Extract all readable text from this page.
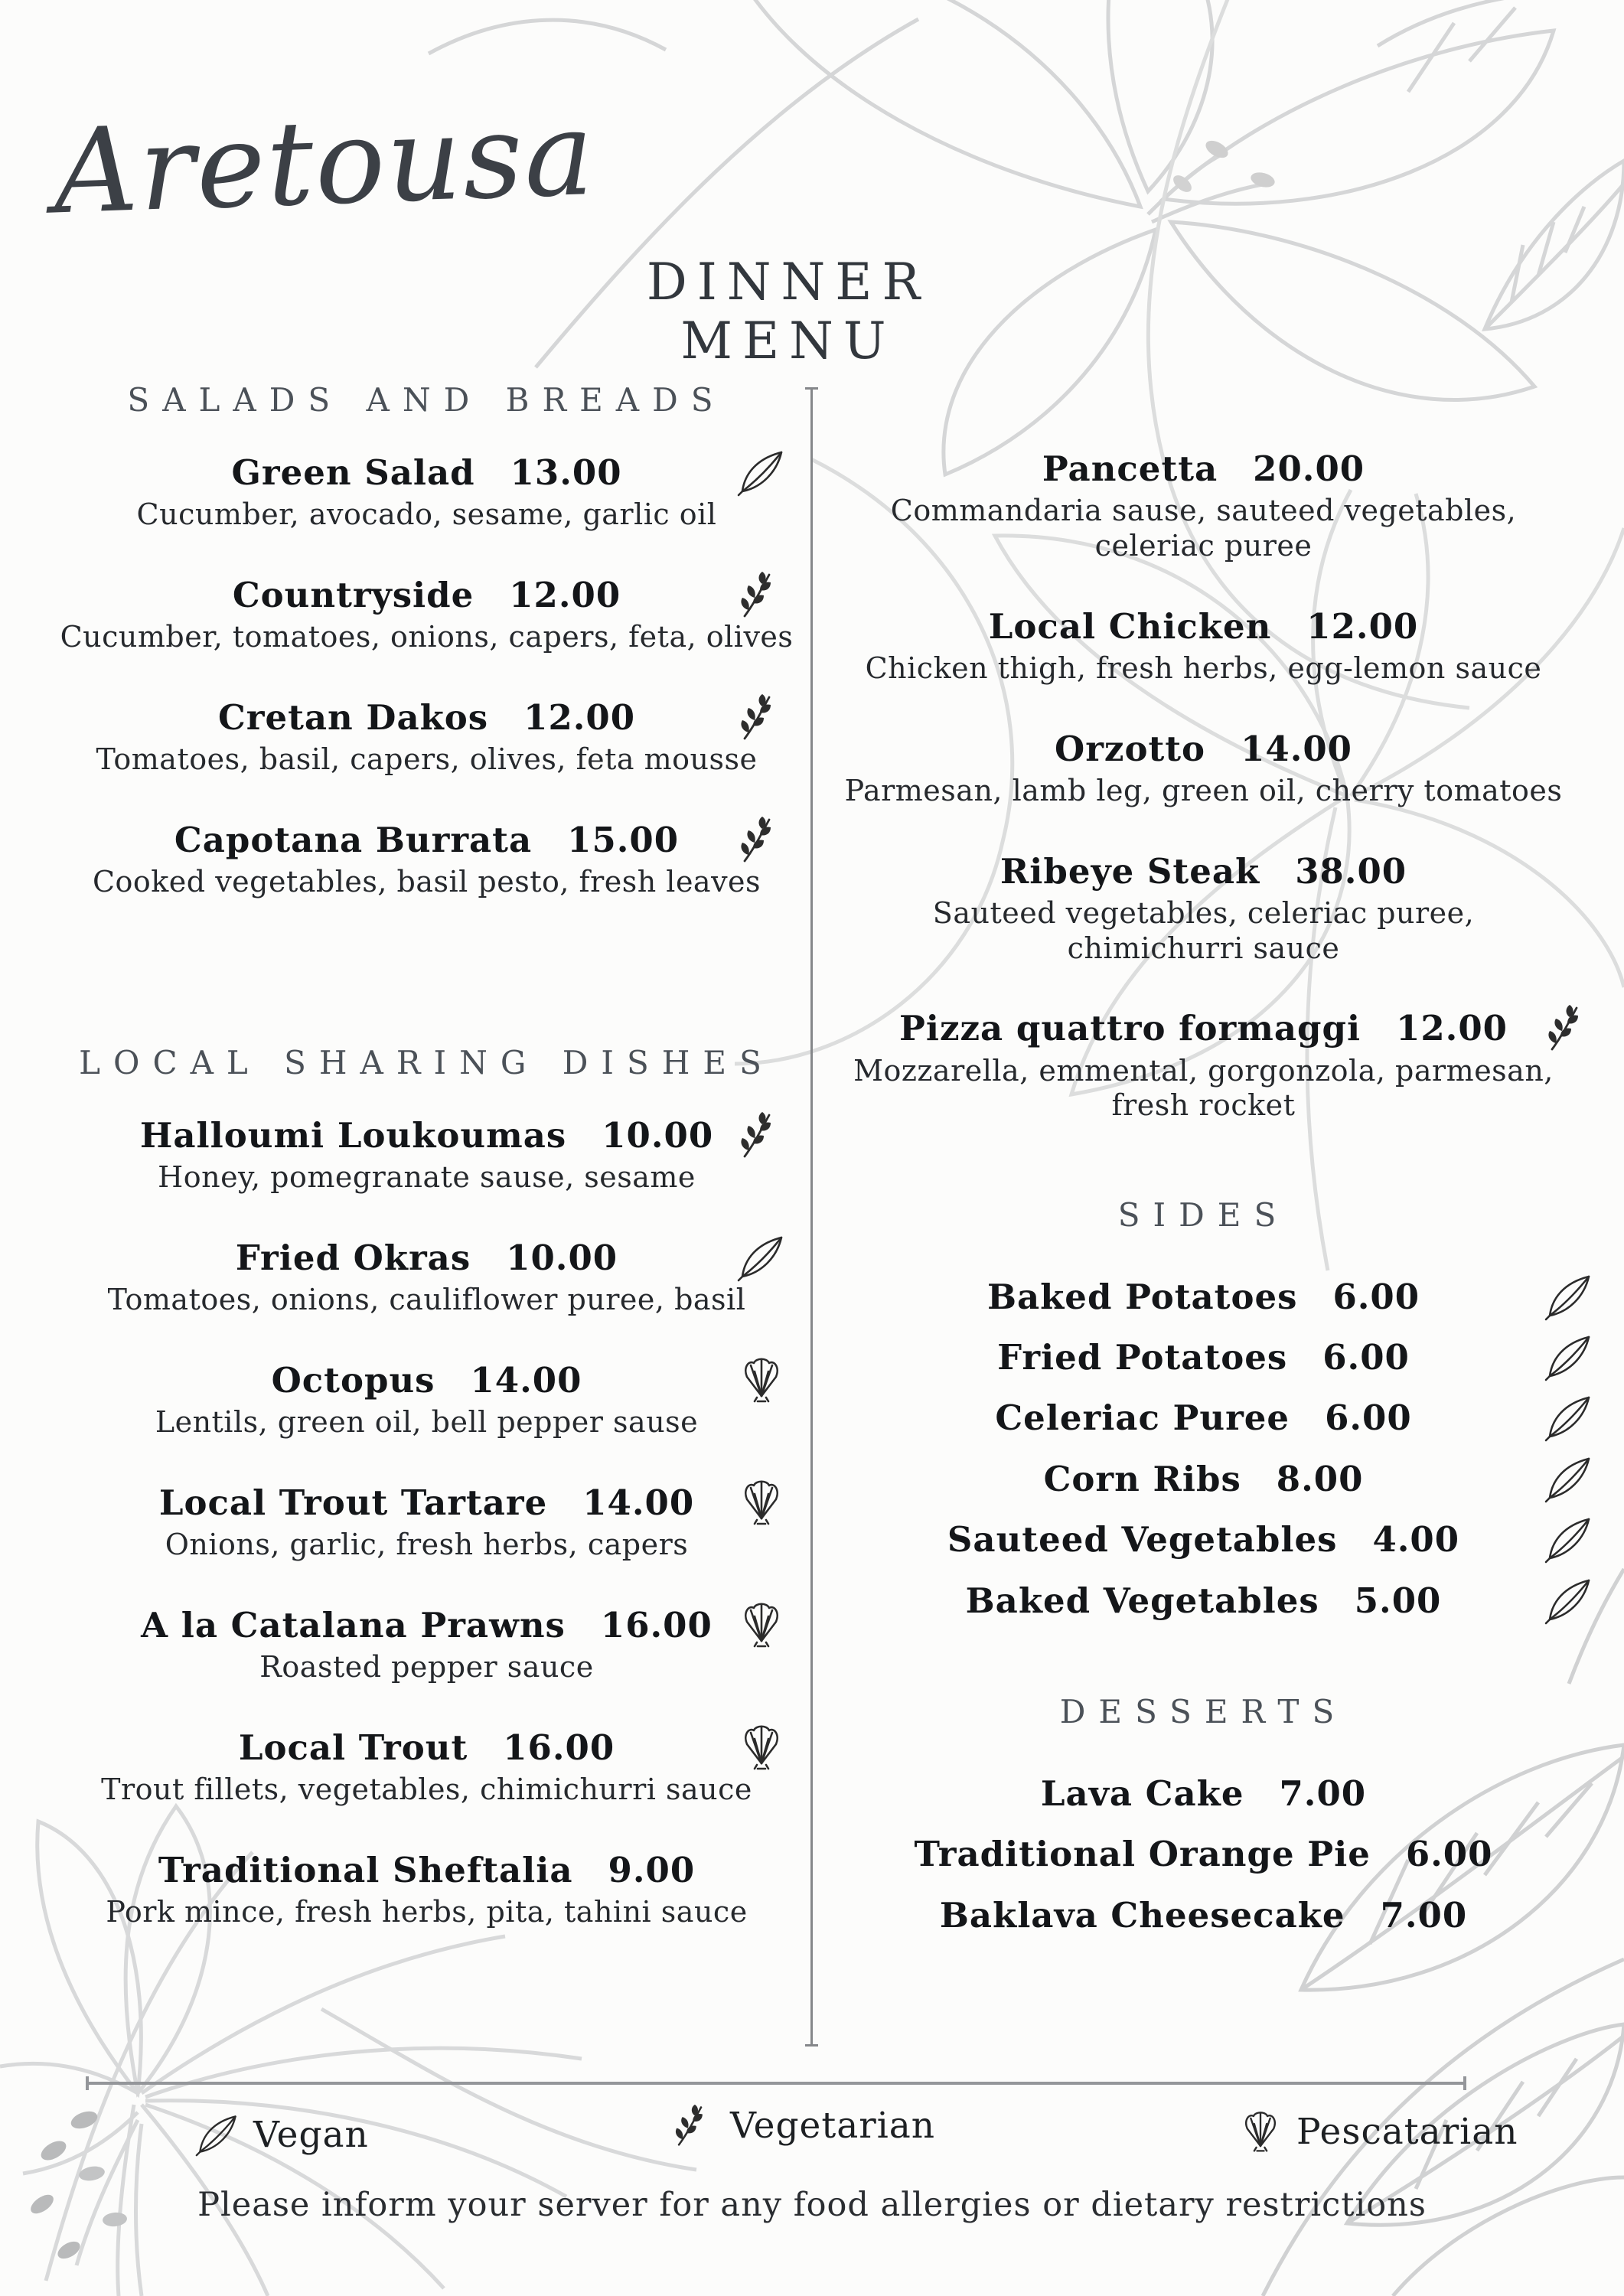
Aretousa
DINNER MENU
SALADS AND BREADS
Green Salad 13.00
Cucumber, avocado, sesame, garlic oil
Countryside 12.00
Cucumber, tomatoes, onions, capers, feta, olives
Cretan Dakos 12.00
Tomatoes, basil, capers, olives, feta mousse
Capotana Burrata 15.00
Cooked vegetables, basil pesto, fresh leaves
LOCAL SHARING DISHES
Halloumi Loukoumas 10.00
Honey, pomegranate sause, sesame
Fried Okras 10.00
Tomatoes, onions, cauliflower puree, basil
Octopus 14.00
Lentils, green oil, bell pepper sause
Local Trout Tartare 14.00
Onions, garlic, fresh herbs, capers
A la Catalana Prawns 16.00
Roasted pepper sauce
Local Trout 16.00
Trout fillets, vegetables, chimichurri sauce
Traditional Sheftalia 9.00
Pork mince, fresh herbs, pita, tahini sauce
Pancetta 20.00
Commandaria sause, sauteed vegetables, celeriac puree
Local Chicken 12.00
Chicken thigh, fresh herbs, egg-lemon sauce
Orzotto 14.00
Parmesan, lamb leg, green oil, cherry tomatoes
Ribeye Steak 38.00
Sauteed vegetables, celeriac puree, chimichurri sauce
Pizza quattro formaggi 12.00
Mozzarella, emmental, gorgonzola, parmesan, fresh rocket
SIDES
Baked Potatoes 6.00
Fried Potatoes 6.00
Celeriac Puree 6.00
Corn Ribs 8.00
Sauteed Vegetables 4.00
Baked Vegetables 5.00
DESSERTS
Lava Cake 7.00
Traditional Orange Pie 6.00
Baklava Cheesecake 7.00
Vegan	Vegetarian	Pescatarian
Please inform your server for any food allergies or dietary restrictions
